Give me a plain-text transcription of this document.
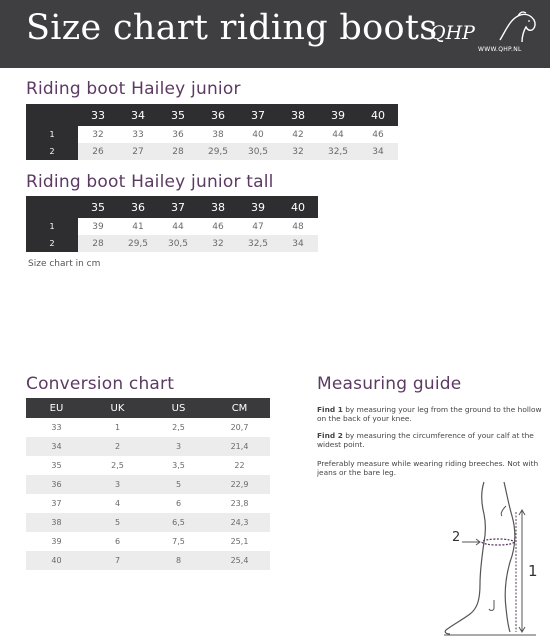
Size chart riding boots
QHP
WWW.QHP.NL
Riding boot Hailey junior
	33	34	35	36	37	38	39	40
1	32	33	36	38	40	42	44	46
2	26	27	28	29,5	30,5	32	32,5	34
Riding boot Hailey junior tall
	35	36	37	38	39	40
1	39	41	44	46	47	48
2	28	29,5	30,5	32	32,5	34
Size chart in cm
Conversion chart
EU	UK	US	CM
33	1	2,5	20,7
34	2	3	21,4
35	2,5	3,5	22
36	3	5	22,9
37	4	6	23,8
38	5	6,5	24,3
39	6	7,5	25,1
40	7	8	25,4
Measuring guide
Find 1 by measuring your leg from the ground to the hollow on the back of your knee.
Find 2 by measuring the circumference of your calf at the widest point.
Preferably measure while wearing riding breeches. Not with jeans or the bare leg.
2
1
